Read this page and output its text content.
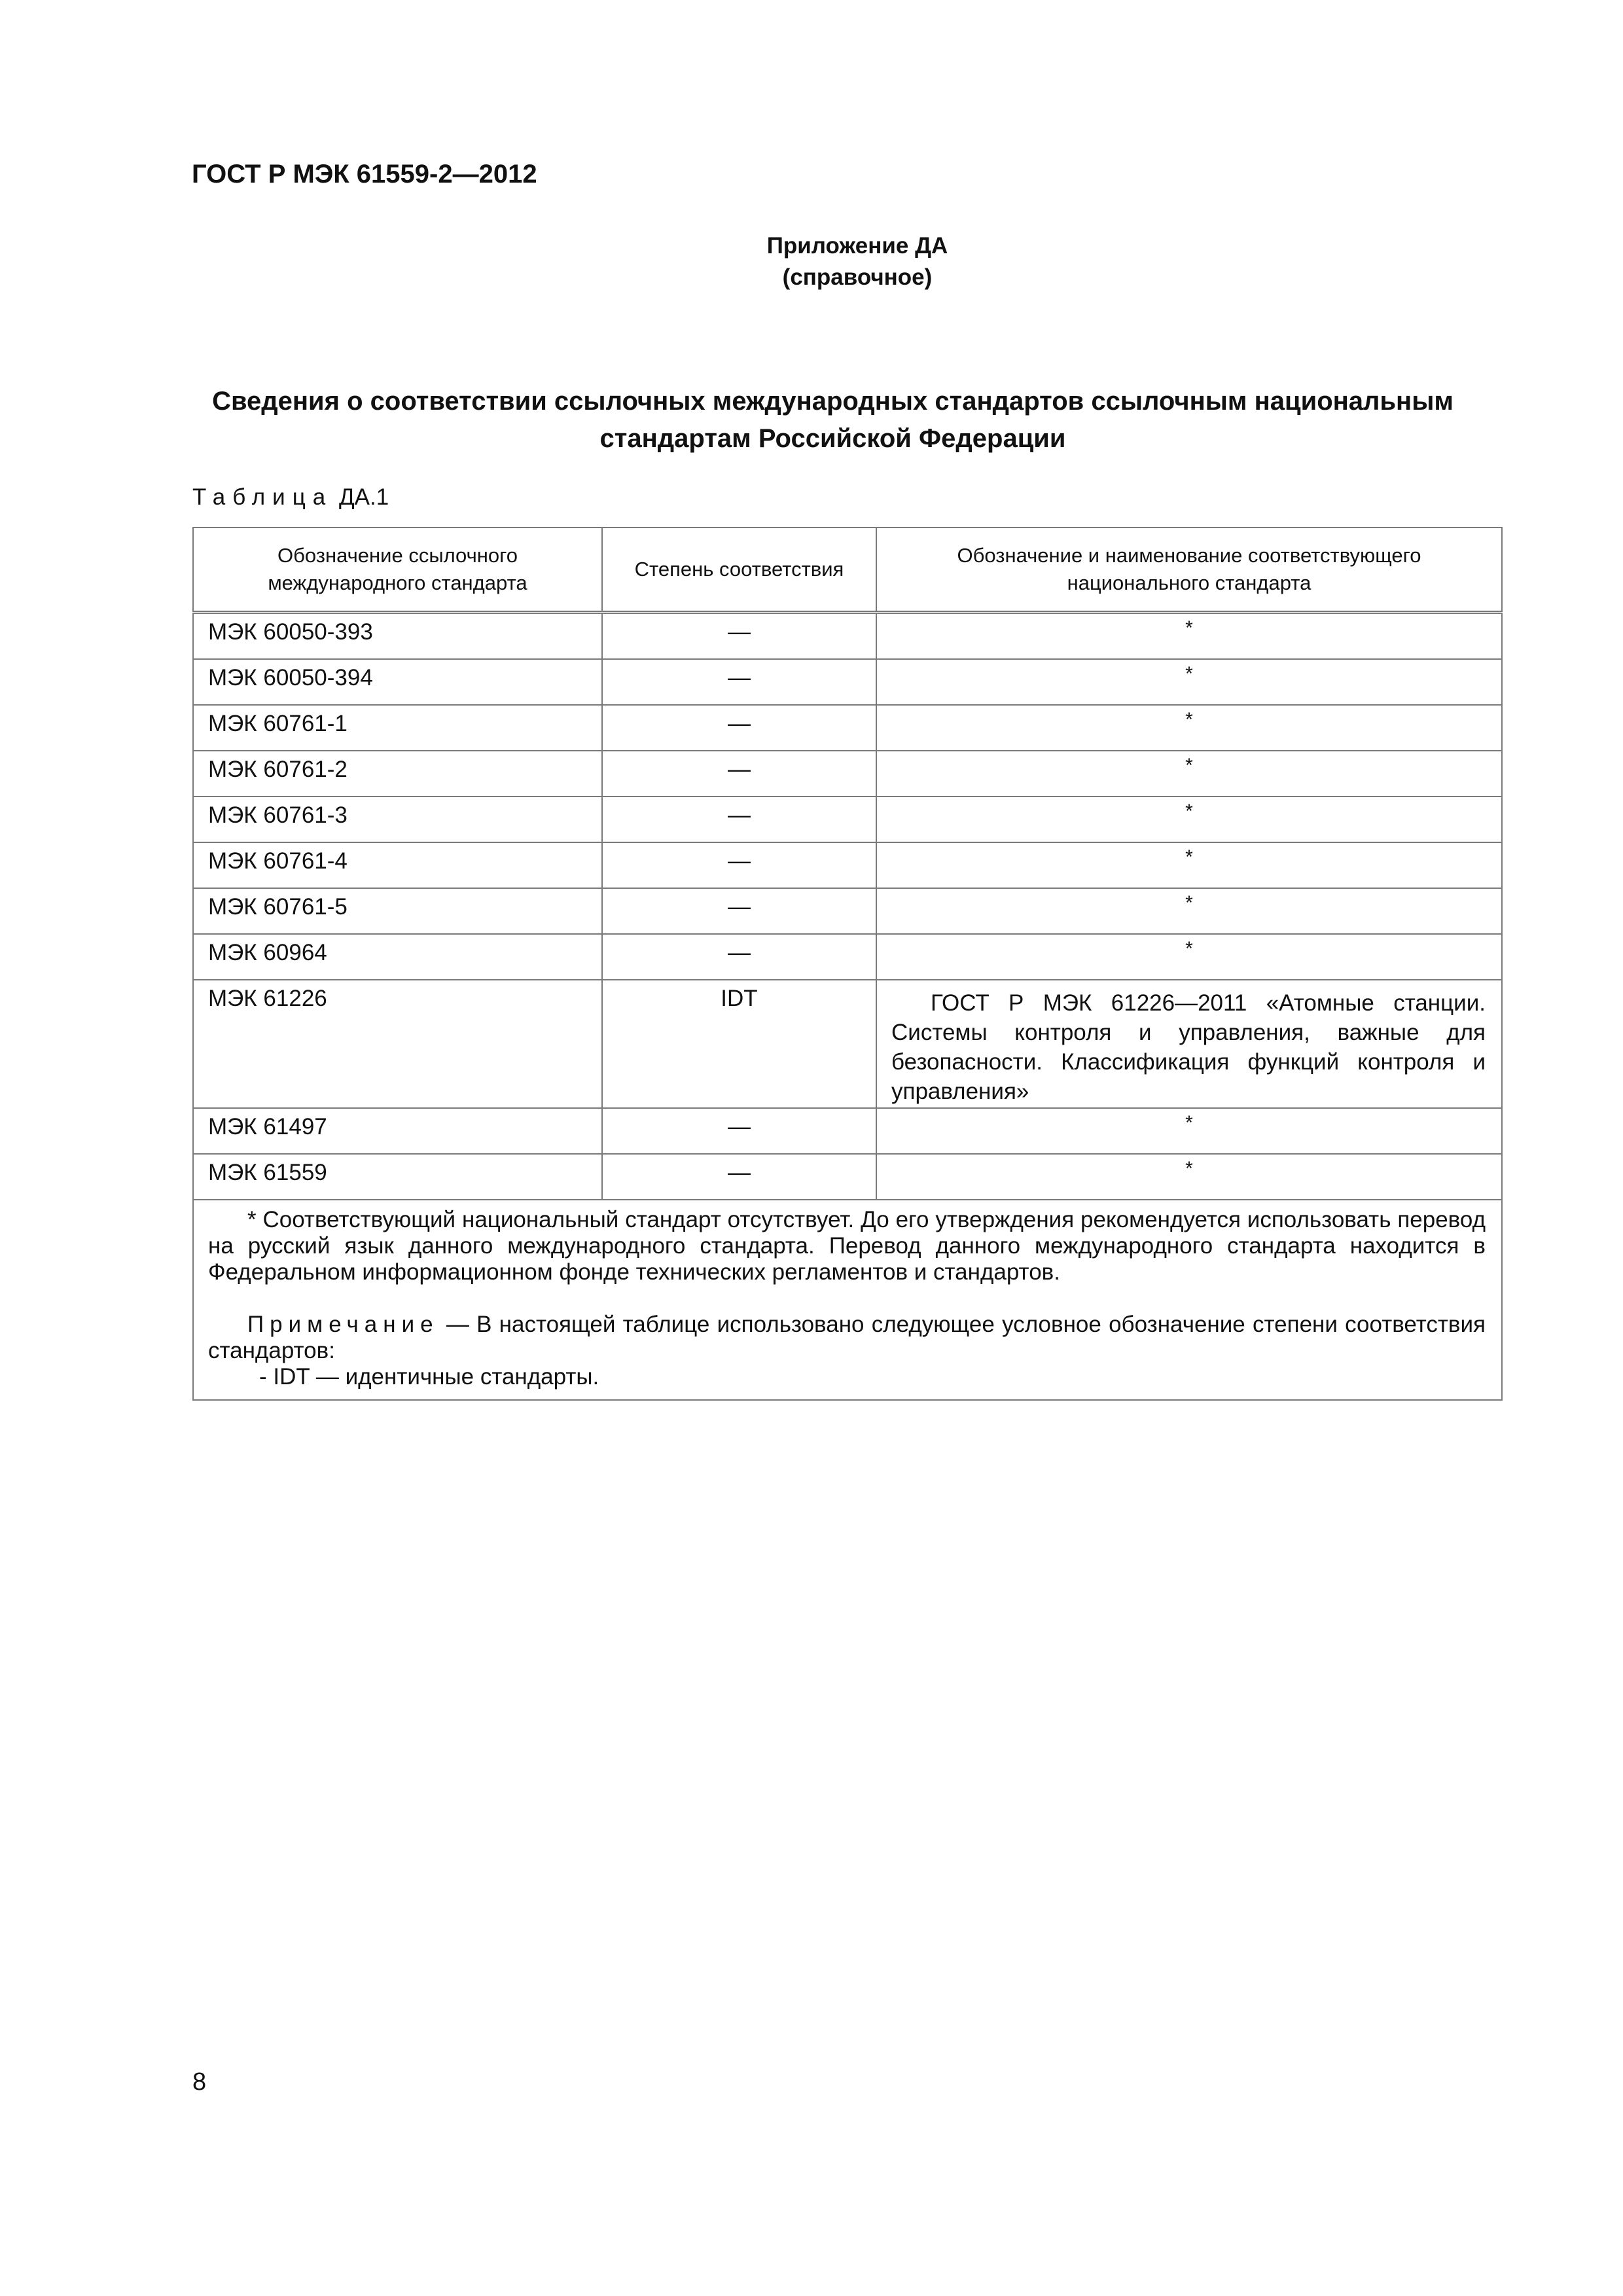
ГОСТ Р МЭК 61559-2—2012
Приложение ДА
(справочное)
Сведения о соответствии ссылочных международных стандартов ссылочным национальным
стандартам Российской Федерации
Таблица ДА.1
Обозначение ссылочного международного стандарта	Степень соответствия	Обозначение и наименование соответствующего национального стандарта
МЭК 60050-393	—	*
МЭК 60050-394	—	*
МЭК 60761-1	—	*
МЭК 60761-2	—	*
МЭК 60761-3	—	*
МЭК 60761-4	—	*
МЭК 60761-5	—	*
МЭК 60964	—	*
МЭК 61226	IDT	ГОСТ Р МЭК 61226—2011 «Атомные станции. Системы контроля и управления, важные для безопасности. Классификация функций контроля и управления»
МЭК 61497	—	*
МЭК 61559	—	*

* Соответствующий национальный стандарт отсутствует. До его утверждения рекомендуется использовать перевод на русский язык данного международного стандарта. Перевод данного международного стандарта находится в Федеральном информационном фонде технических регламентов и стандартов.

Примечание — В настоящей таблице использовано следующее условное обозначение степени соответствия стандартов:

- IDT — идентичные стандарты.		

8
